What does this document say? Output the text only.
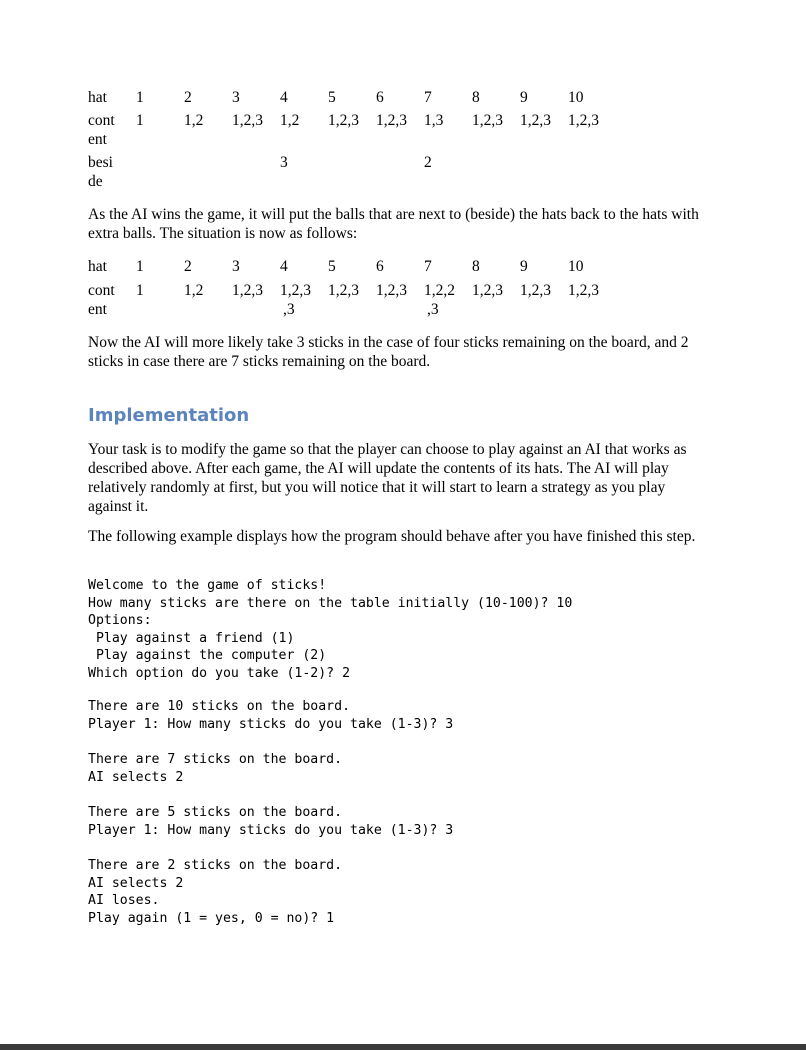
hat
cont
ent
besi
de
1
1
2
1,2
3
1,2,3
4
1,2
3
5
1,2,3
6
1,2,3
7
1,3
2
8
1,2,3
9
1,2,3
10
1,2,3
As the AI wins the game, it will put the balls that are next to (beside) the hats back to the hats with extra balls. The situation is now as follows:
hat
cont
ent
1
1
2
1,2
3
1,2,3
4
1,2,3
,3
5
1,2,3
6
1,2,3
7
1,2,2
,3
8
1,2,3
9
1,2,3
10
1,2,3
Now the AI will more likely take 3 sticks in the case of four sticks remaining on the board, and 2 sticks in case there are 7 sticks remaining on the board.
Implementation
Your task is to modify the game so that the player can choose to play against an AI that works as described above. After each game, the AI will update the contents of its hats. The AI will play relatively randomly at first, but you will notice that it will start to learn a strategy as you play against it.
The following example displays how the program should behave after you have finished this step.
Welcome to the game of sticks!
How many sticks are there on the table initially (10-100)? 10
Options:
Play against a friend (1)
Play against the computer (2)
Which option do you take (1-2)? 2
There are 10 sticks on the board.
Player 1: How many sticks do you take (1-3)? 3
There are 7 sticks on the board.
AI selects 2
There are 5 sticks on the board.
Player 1: How many sticks do you take (1-3)? 3
There are 2 sticks on the board.
AI selects 2
AI loses.
Play again (1 = yes, 0 = no)? 1
